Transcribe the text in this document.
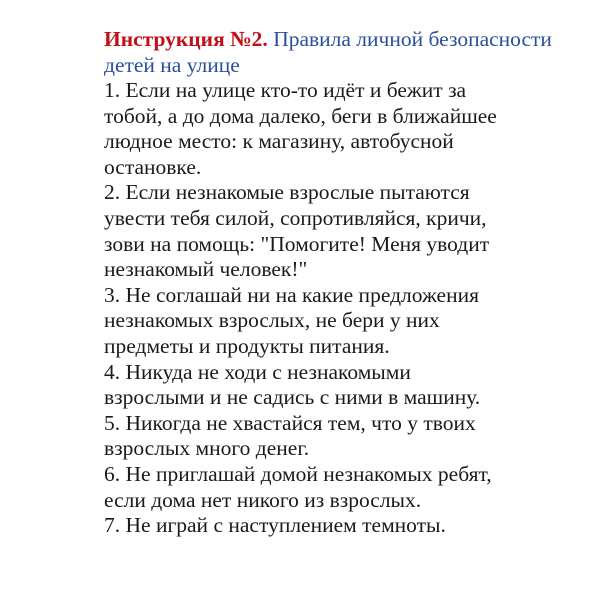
Инструкция №2. Правила личной безопасности детей на улице
1. Если на улице кто-то идёт и бежит за тобой, а до дома далеко, беги в ближайшее людное место: к магазину, автобусной остановке.
2. Если незнакомые взрослые пытаются увести тебя силой, сопротивляйся, кричи, зови на помощь: "Помогите! Меня уводит незнакомый человек!"
3. Не соглашай ни на какие предложения незнакомых взрослых, не бери у них предметы и продукты питания.
4. Никуда не ходи с незнакомыми взрослыми и не садись с ними в машину.
5. Никогда не хвастайся тем, что у твоих взрослых много денег.
6. Не приглашай домой незнакомых ребят, если дома нет никого из взрослых.
7. Не играй с наступлением темноты.
